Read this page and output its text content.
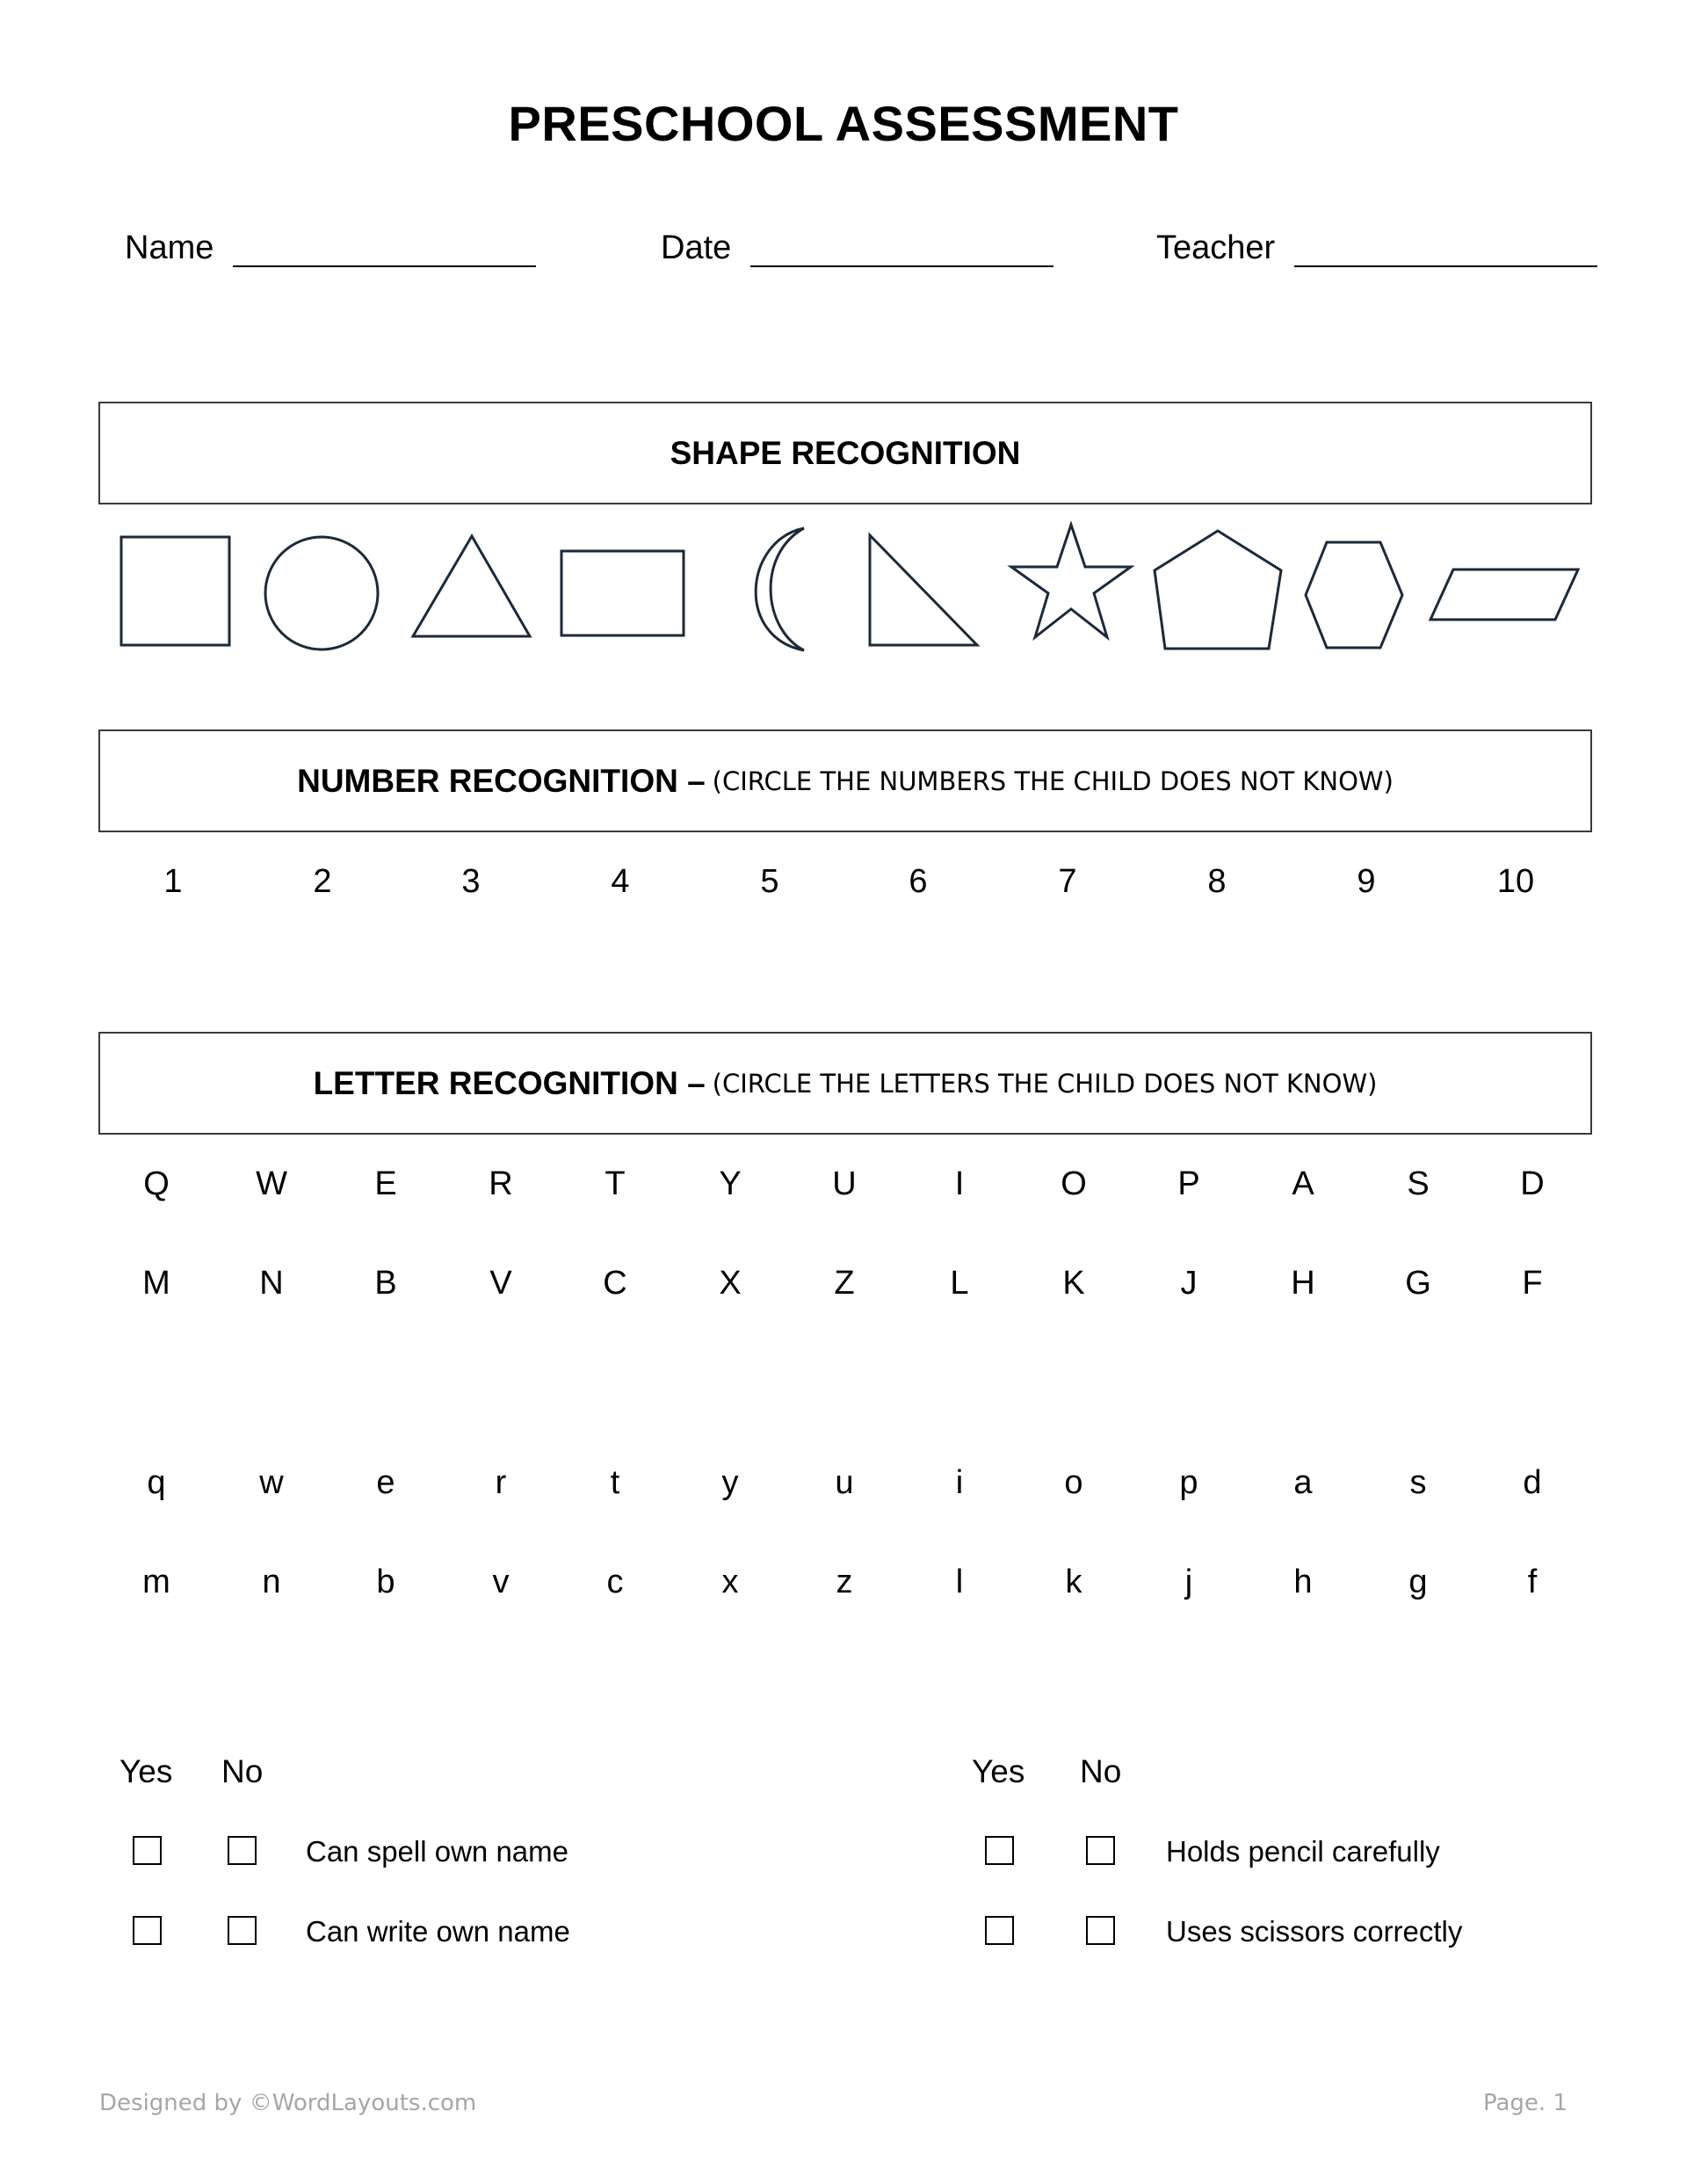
PRESCHOOL ASSESSMENT
Name	Date	Teacher
SHAPE RECOGNITION
NUMBER RECOGNITION – (CIRCLE THE NUMBERS THE CHILD DOES NOT KNOW)
1	2	3	4	5	6	7	8	9	10
LETTER RECOGNITION – (CIRCLE THE LETTERS THE CHILD DOES NOT KNOW)
Q	W	E	R	T	Y	U	I	O	P	A	S	D
M	N	B	V	C	X	Z	L	K	J	H	G	F
q	w	e	r	t	y	u	i	o	p	a	s	d
m	n	b	v	c	x	z	l	k	j	h	g	f
Yes No
Can spell own name
Can write own name
Yes No
Holds pencil carefully
Uses scissors correctly
Designed by ©WordLayouts.com	Page. 1
